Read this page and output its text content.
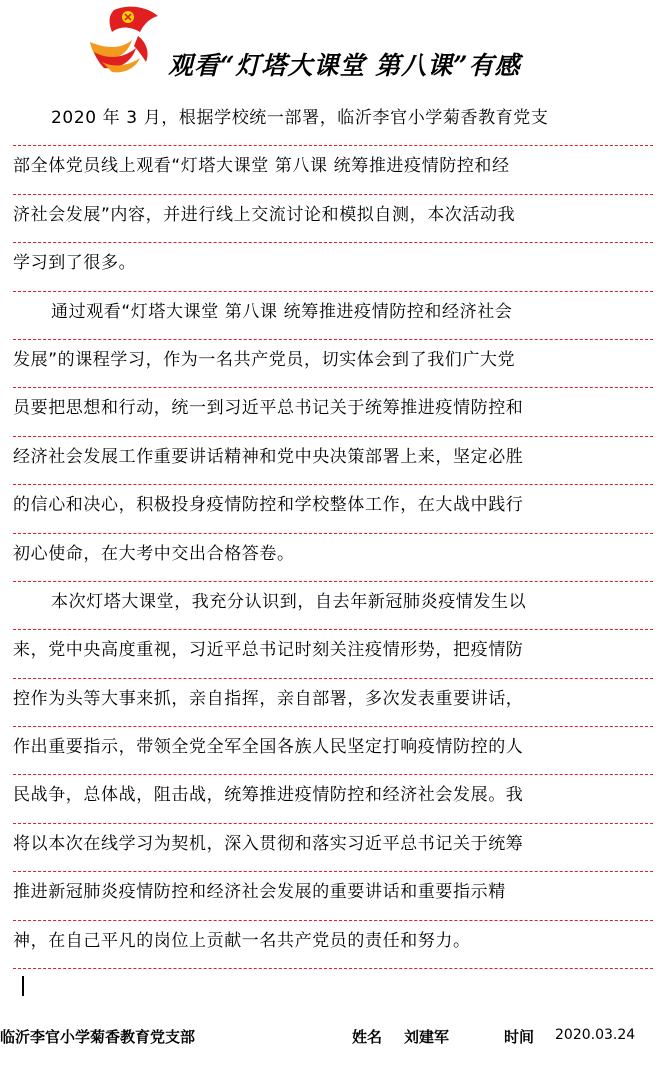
观看“灯塔大课堂 第八课”有感
2020 年 3 月，根据学校统一部署，临沂李官小学菊香教育党支
部全体党员线上观看“灯塔大课堂 第八课 统筹推进疫情防控和经
济社会发展”内容，并进行线上交流讨论和模拟自测，本次活动我
学习到了很多。
通过观看“灯塔大课堂 第八课 统筹推进疫情防控和经济社会
发展”的课程学习，作为一名共产党员，切实体会到了我们广大党
员要把思想和行动，统一到习近平总书记关于统筹推进疫情防控和
经济社会发展工作重要讲话精神和党中央决策部署上来，坚定必胜
的信心和决心，积极投身疫情防控和学校整体工作，在大战中践行
初心使命，在大考中交出合格答卷。
本次灯塔大课堂，我充分认识到，自去年新冠肺炎疫情发生以
来，党中央高度重视，习近平总书记时刻关注疫情形势，把疫情防
控作为头等大事来抓，亲自指挥，亲自部署，多次发表重要讲话，
作出重要指示，带领全党全军全国各族人民坚定打响疫情防控的人
民战争，总体战，阻击战，统筹推进疫情防控和经济社会发展。我
将以本次在线学习为契机，深入贯彻和落实习近平总书记关于统筹
推进新冠肺炎疫情防控和经济社会发展的重要讲话和重要指示精
神，在自己平凡的岗位上贡献一名共产党员的责任和努力。
临沂李官小学菊香教育党支部	姓名 刘建军	时间 2020.03.24
